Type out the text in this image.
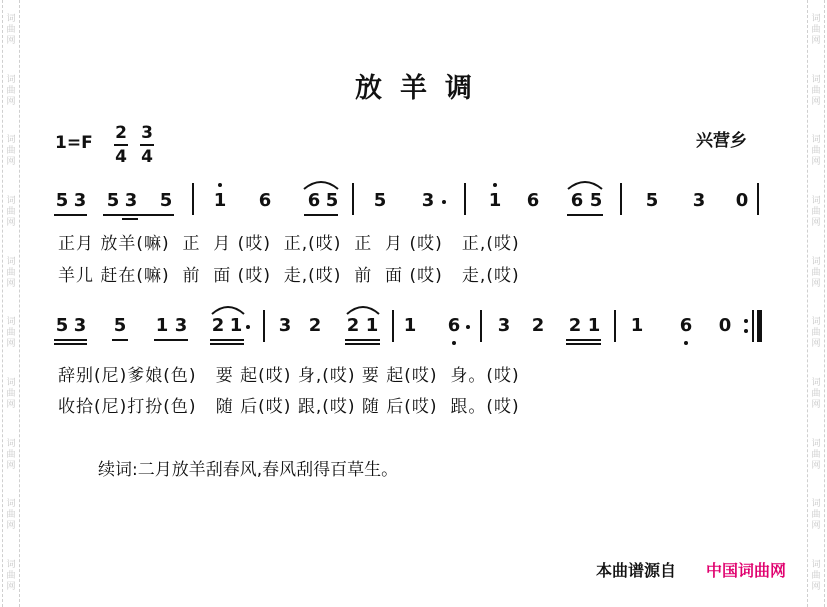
词
曲
网
词
曲
网
词
曲
网
词
曲
网
词
曲
网
词
曲
网
词
曲
网
词
曲
网
词
曲
网
词
曲
网
词
曲
网
词
曲
网
词
曲
网
词
曲
网
词
曲
网
词
曲
网
词
曲
网
词
曲
网
词
曲
网
词
曲
网
放羊调
1=F 2
4
3
4
兴营乡
5 3 5 3 5 1 6 6 5 5 3	1 6 6 5 5 3 0
5 3 5 1 3 2 1 3 2 2 1 1 6 3 2 2 1 1 6 0
正月 放羊(嘛)  正  月 (哎)  正,(哎)  正  月 (哎)   正,(哎)
羊儿 赶在(嘛)  前  面 (哎)  走,(哎)  前  面 (哎)   走,(哎)
辞别(尼)爹娘(色)   要 起(哎) 身,(哎) 要 起(哎)  身。(哎)
收拾(尼)打扮(色)   随 后(哎) 跟,(哎) 随 后(哎)  跟。(哎)
续词:二月放羊刮春风,春风刮得百草生。
本曲谱源自 中国词曲网
